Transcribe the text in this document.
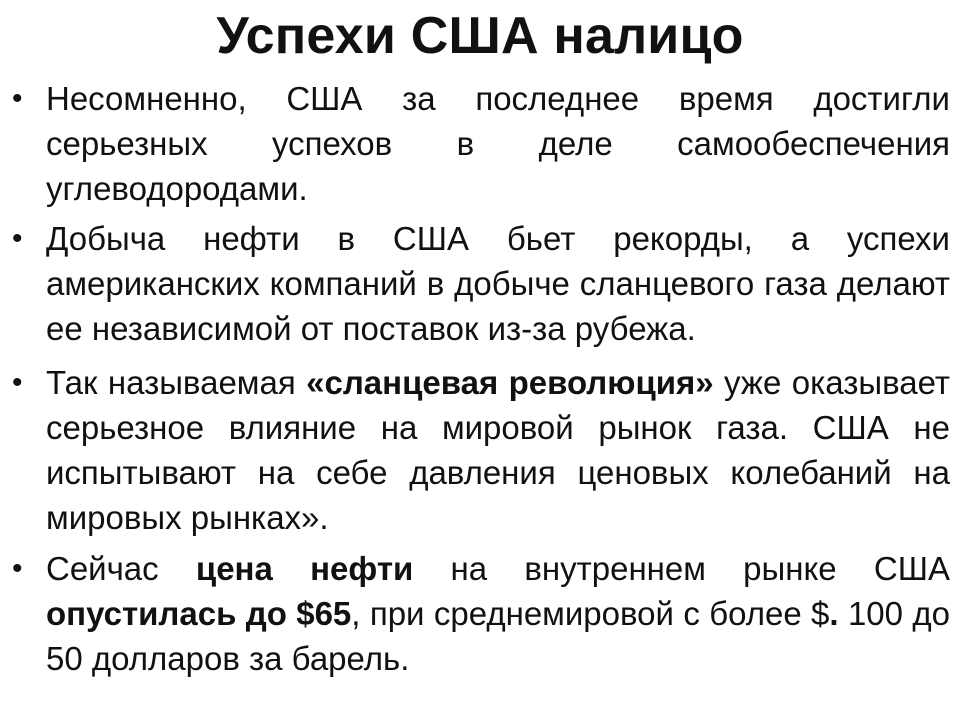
Успехи США налицо
• Несомненно, США за последнее время достигли серьезных успехов в деле самообеспечения углеводородами.
• Добыча нефти в США бьет рекорды, а успехи американских компаний в добыче сланцевого газа делают ее независимой от поставок из-за рубежа.
• Так называемая «сланцевая революция» уже оказывает серьезное влияние на мировой рынок газа. США не испытывают на себе давления ценовых колебаний на мировых рынках».
• Сейчас цена нефти на внутреннем рынке США опустилась до $65, при среднемировой с более $. 100 до 50 долларов за барель.
